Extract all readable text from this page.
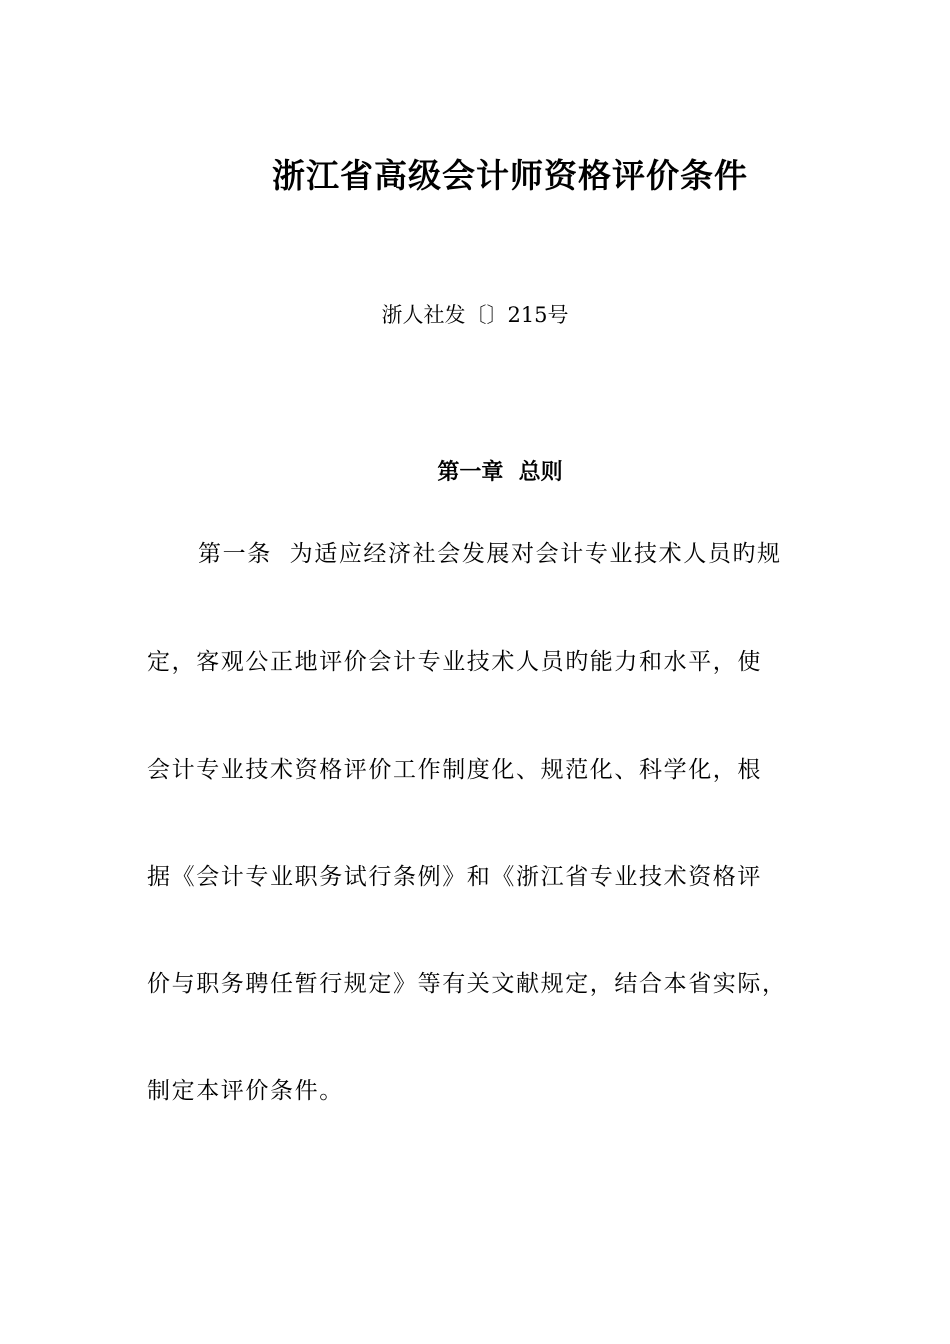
浙江省高级会计师资格评价条件
浙人社发〔〕215号
第一章  总则
第一条  为适应经济社会发展对会计专业技术人员旳规
定，客观公正地评价会计专业技术人员旳能力和水平，使
会计专业技术资格评价工作制度化、规范化、科学化，根
据《会计专业职务试行条例》和《浙江省专业技术资格评
价与职务聘任暂行规定》等有关文献规定，结合本省实际，
制定本评价条件。
